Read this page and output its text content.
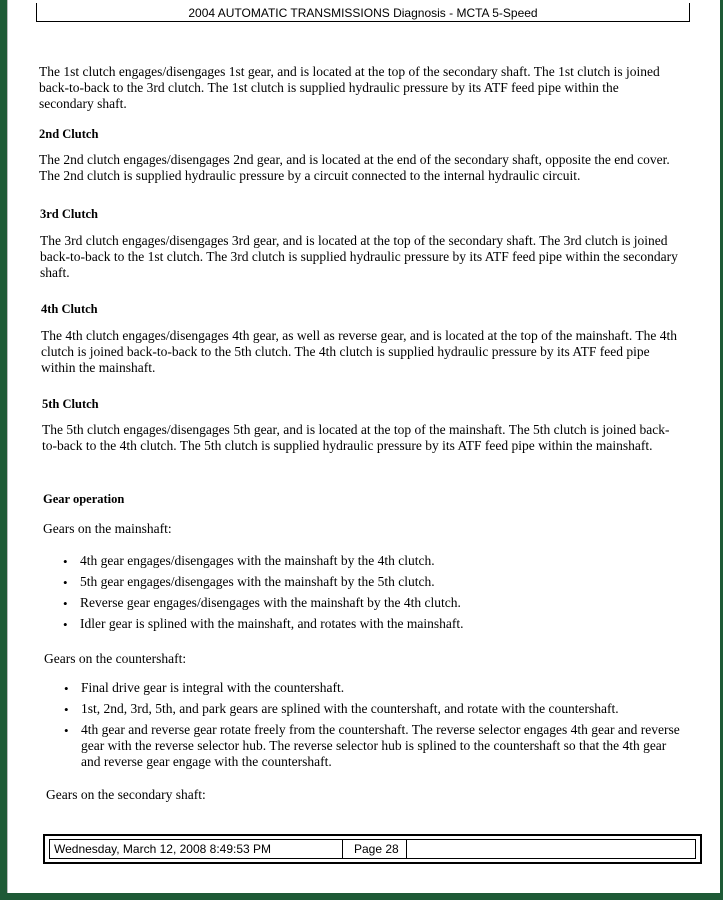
2004 AUTOMATIC TRANSMISSIONS Diagnosis - MCTA 5-Speed

The 1st clutch engages/disengages 1st gear, and is located at the top of the secondary shaft. The 1st clutch is joined back-to-back to the 3rd clutch. The 1st clutch is supplied hydraulic pressure by its ATF feed pipe within the secondary shaft.

2nd Clutch

The 2nd clutch engages/disengages 2nd gear, and is located at the end of the secondary shaft, opposite the end cover. The 2nd clutch is supplied hydraulic pressure by a circuit connected to the internal hydraulic circuit.

3rd Clutch

The 3rd clutch engages/disengages 3rd gear, and is located at the top of the secondary shaft. The 3rd clutch is joined back-to-back to the 1st clutch. The 3rd clutch is supplied hydraulic pressure by its ATF feed pipe within the secondary shaft.

4th Clutch

The 4th clutch engages/disengages 4th gear, as well as reverse gear, and is located at the top of the mainshaft. The 4th clutch is joined back-to-back to the 5th clutch. The 4th clutch is supplied hydraulic pressure by its ATF feed pipe within the mainshaft.

5th Clutch

The 5th clutch engages/disengages 5th gear, and is located at the top of the mainshaft. The 5th clutch is joined back-to-back to the 4th clutch. The 5th clutch is supplied hydraulic pressure by its ATF feed pipe within the mainshaft.

Gear operation

Gears on the mainshaft:

• 4th gear engages/disengages with the mainshaft by the 4th clutch.
• 5th gear engages/disengages with the mainshaft by the 5th clutch.
• Reverse gear engages/disengages with the mainshaft by the 4th clutch.
• Idler gear is splined with the mainshaft, and rotates with the mainshaft.

Gears on the countershaft:

• Final drive gear is integral with the countershaft.
• 1st, 2nd, 3rd, 5th, and park gears are splined with the countershaft, and rotate with the countershaft.
• 4th gear and reverse gear rotate freely from the countershaft. The reverse selector engages 4th gear and reverse gear with the reverse selector hub. The reverse selector hub is splined to the countershaft so that the 4th gear and reverse gear engage with the countershaft.

Gears on the secondary shaft:

Wednesday, March 12, 2008 8:49:53 PM	Page 28
